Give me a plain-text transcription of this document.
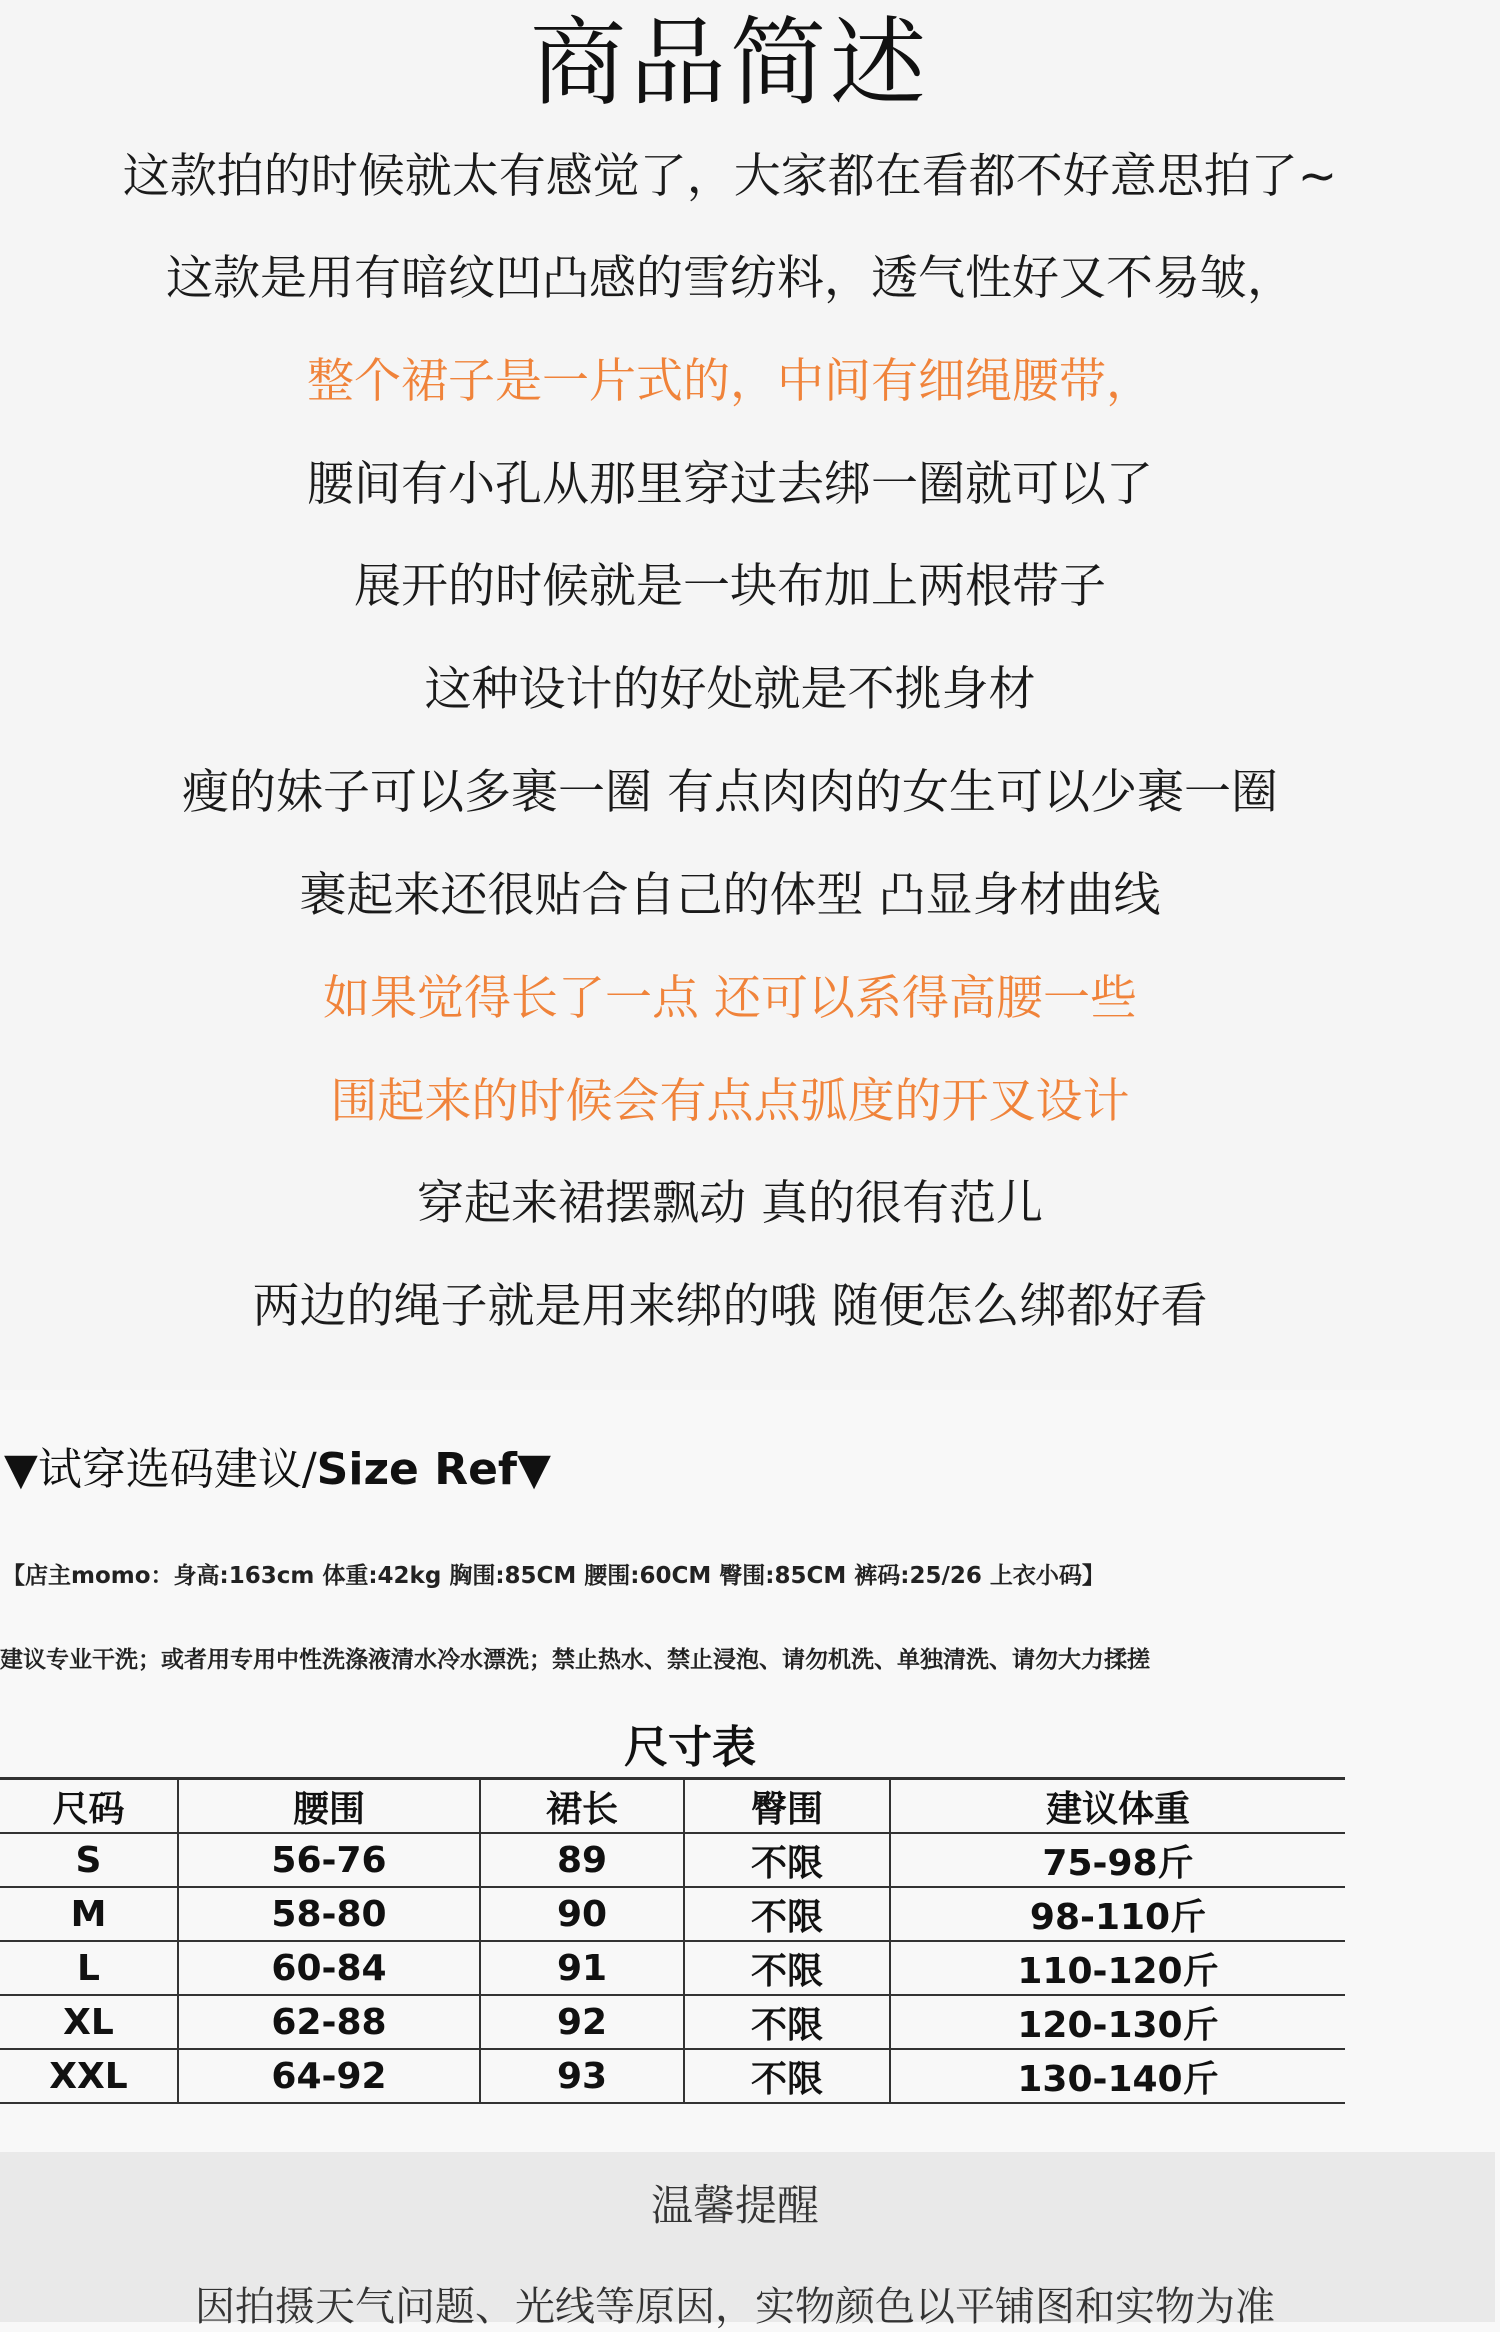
商品简述
这款拍的时候就太有感觉了，大家都在看都不好意思拍了~
这款是用有暗纹凹凸感的雪纺料，透气性好又不易皱，
整个裙子是一片式的，中间有细绳腰带，
腰间有小孔从那里穿过去绑一圈就可以了
展开的时候就是一块布加上两根带子
这种设计的好处就是不挑身材
瘦的妹子可以多裹一圈 有点肉肉的女生可以少裹一圈
裹起来还很贴合自己的体型 凸显身材曲线
如果觉得长了一点 还可以系得高腰一些
围起来的时候会有点点弧度的开叉设计
穿起来裙摆飘动 真的很有范儿
两边的绳子就是用来绑的哦 随便怎么绑都好看
▼试穿选码建议/Size Ref▼
【店主momo：身高:163cm 体重:42kg 胸围:85CM 腰围:60CM 臀围:85CM 裤码:25/26 上衣小码】
建议专业干洗；或者用专用中性洗涤液清水冷水漂洗；禁止热水、禁止浸泡、请勿机洗、单独清洗、请勿大力揉搓
尺寸表
尺码	腰围	裙长	臀围	建议体重
S	56-76	89	不限	75-98斤
M	58-80	90	不限	98-110斤
L	60-84	91	不限	110-120斤
XL	62-88	92	不限	120-130斤
XXL	64-92	93	不限	130-140斤
温馨提醒
因拍摄天气问题、光线等原因，实物颜色以平铺图和实物为准
